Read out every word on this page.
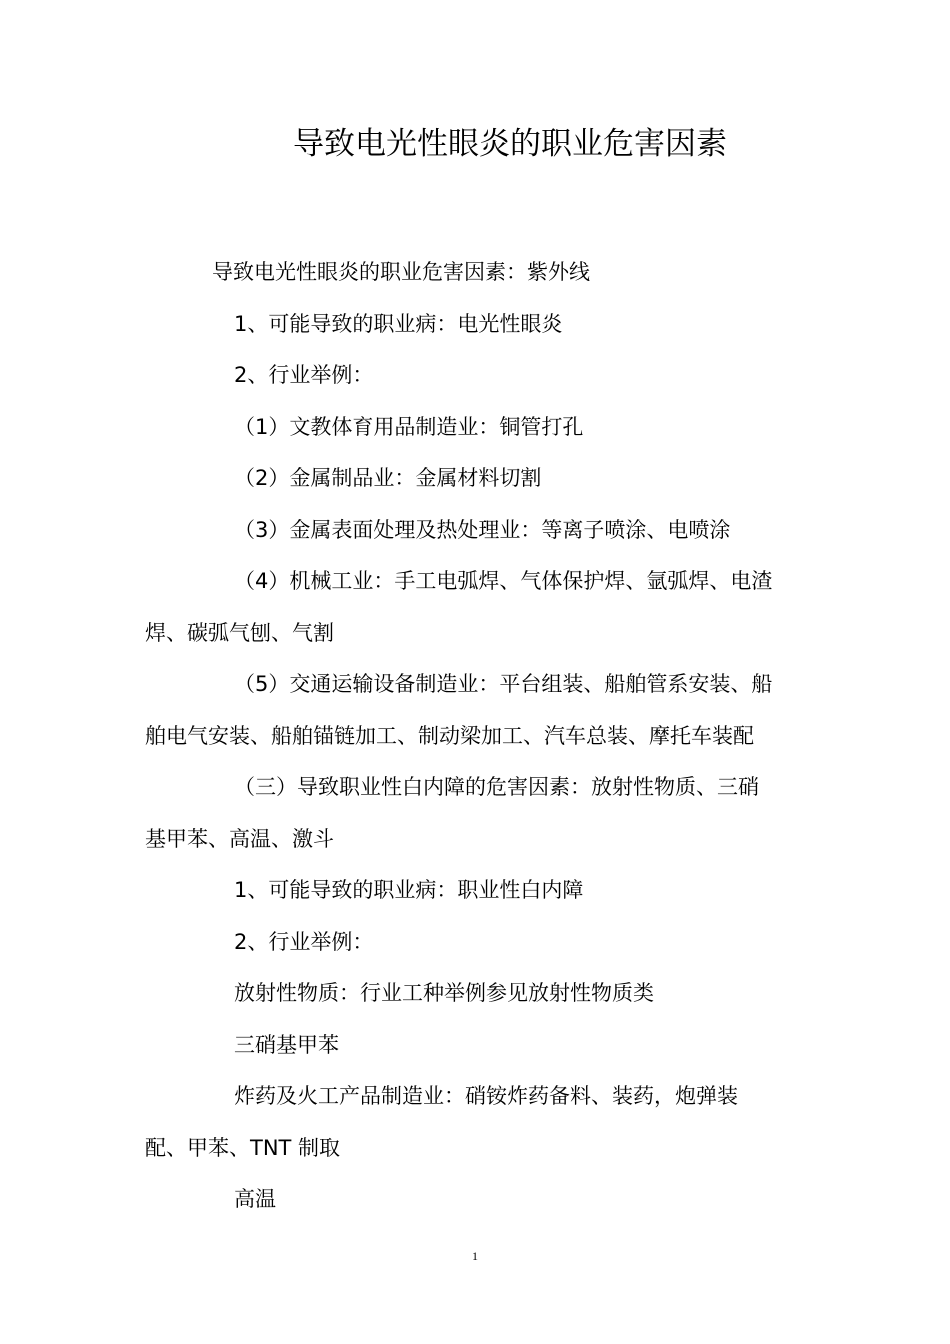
导致电光性眼炎的职业危害因素

导致电光性眼炎的职业危害因素：紫外线

1、可能导致的职业病：电光性眼炎

2、行业举例：

（1）文教体育用品制造业：铜管打孔

（2）金属制品业：金属材料切割

（3）金属表面处理及热处理业：等离子喷涂、电喷涂

（4）机械工业：手工电弧焊、气体保护焊、氩弧焊、电渣

焊、碳弧气刨、气割

（5）交通运输设备制造业：平台组装、船舶管系安装、船

舶电气安装、船舶锚链加工、制动梁加工、汽车总装、摩托车装配

（三）导致职业性白内障的危害因素：放射性物质、三硝

基甲苯、高温、激斗

1、可能导致的职业病：职业性白内障

2、行业举例：

放射性物质：行业工种举例参见放射性物质类

三硝基甲苯

炸药及火工产品制造业：硝铵炸药备料、装药，炮弹装

配、甲苯、TNT 制取

高温

1
